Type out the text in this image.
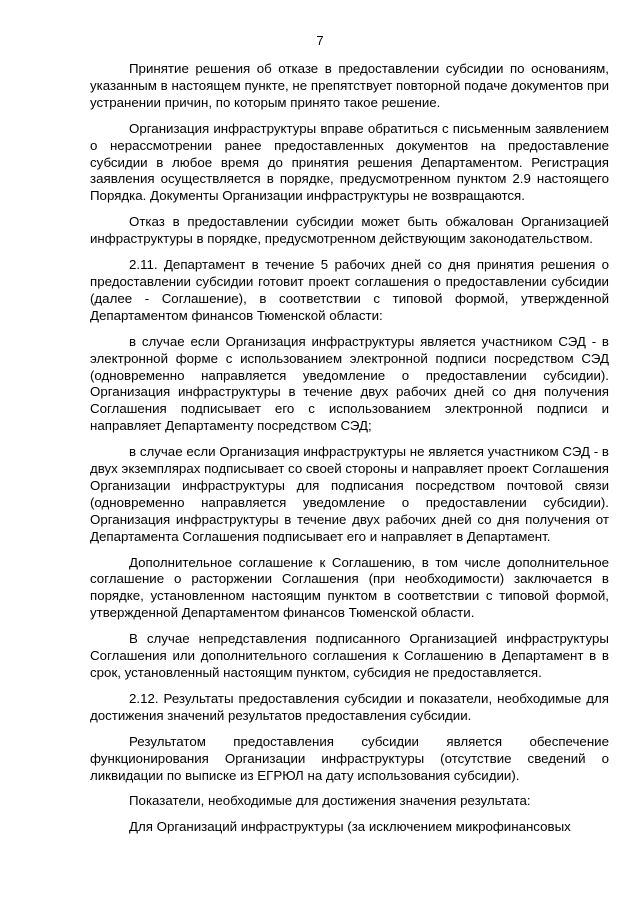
7

Принятие решения об отказе в предоставлении субсидии по основаниям, указанным в настоящем пункте, не препятствует повторной подаче документов при устранении причин, по которым принято такое решение.

Организация инфраструктуры вправе обратиться с письменным заявлением о нерассмотрении ранее предоставленных документов на предоставление субсидии в любое время до принятия решения Департаментом. Регистрация заявления осуществляется в порядке, предусмотренном пунктом 2.9 настоящего Порядка. Документы Организации инфраструктуры не возвращаются.

Отказ в предоставлении субсидии может быть обжалован Организацией инфраструктуры в порядке, предусмотренном действующим законодательством.

2.11. Департамент в течение 5 рабочих дней со дня принятия решения о предоставлении субсидии готовит проект соглашения о предоставлении субсидии (далее - Соглашение), в соответствии с типовой формой, утвержденной Департаментом финансов Тюменской области:

в случае если Организация инфраструктуры является участником СЭД - в электронной форме с использованием электронной подписи посредством СЭД (одновременно направляется уведомление о предоставлении субсидии). Организация инфраструктуры в течение двух рабочих дней со дня получения Соглашения подписывает его с использованием электронной подписи и направляет Департаменту посредством СЭД;

в случае если Организация инфраструктуры не является участником СЭД - в двух экземплярах подписывает со своей стороны и направляет проект Соглашения Организации инфраструктуры для подписания посредством почтовой связи (одновременно направляется уведомление о предоставлении субсидии). Организация инфраструктуры в течение двух рабочих дней со дня получения от Департамента Соглашения подписывает его и направляет в Департамент.

Дополнительное соглашение к Соглашению, в том числе дополнительное соглашение о расторжении Соглашения (при необходимости) заключается в порядке, установленном настоящим пунктом в соответствии с типовой формой, утвержденной Департаментом финансов Тюменской области.

В случае непредставления подписанного Организацией инфраструктуры Соглашения или дополнительного соглашения к Соглашению в Департамент в в срок, установленный настоящим пунктом, субсидия не предоставляется.

2.12. Результаты предоставления субсидии и показатели, необходимые для достижения значений результатов предоставления субсидии.

Результатом предоставления субсидии является обеспечение функционирования Организации инфраструктуры (отсутствие сведений о ликвидации по выписке из ЕГРЮЛ на дату использования субсидии).

Показатели, необходимые для достижения значения результата:

Для Организаций инфраструктуры (за исключением микрофинансовых
